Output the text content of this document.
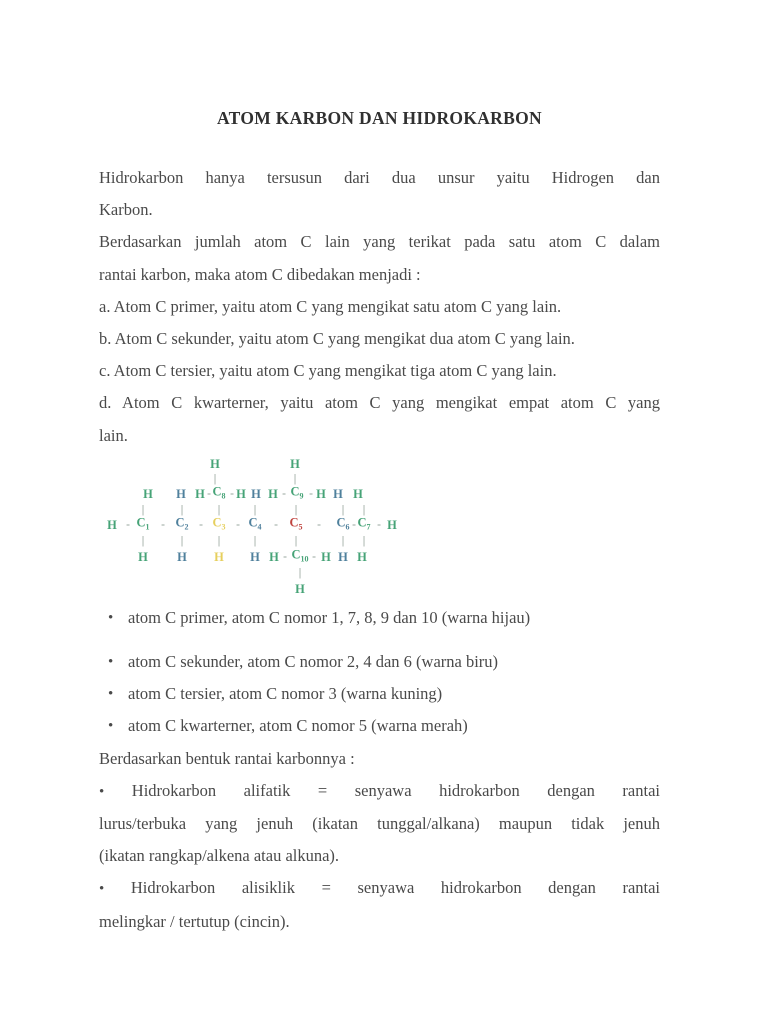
ATOM KARBON DAN HIDROKARBON
Hidrokarbon hanya tersusun dari dua unsur yaitu Hidrogen dan
Karbon.
Berdasarkan jumlah atom C lain yang terikat pada satu atom C dalam
rantai karbon, maka atom C dibedakan menjadi :
a. Atom C primer, yaitu atom C yang mengikat satu atom C yang lain.
b. Atom C sekunder, yaitu atom C yang mengikat dua atom C yang lain.
c. Atom C tersier, yaitu atom C yang mengikat tiga atom C yang lain.
d. Atom C kwarterner, yaitu atom C yang mengikat empat atom C yang
lain.
H	H
H H H $C_8$ H H H $C_9$ H H H
H $C_1$ $C_2$ $C_3$ $C_4$ $C_5$	$C_6$ $C_7$ H
H H H H H $C_{10}$ H H H
H
|	|
- -	- -
|	|	|	|	|	| |
-	-	-	-	-	-	- -
|	|	|	|	|	| |
- -
|
• atom C primer, atom C nomor 1, 7, 8, 9 dan 10 (warna hijau)
• atom C sekunder, atom C nomor 2, 4 dan 6 (warna biru)
• atom C tersier, atom C nomor 3 (warna kuning)
• atom C kwarterner, atom C nomor 5 (warna merah)
Berdasarkan bentuk rantai karbonnya :
• Hidrokarbon alifatik = senyawa hidrokarbon dengan rantai
lurus/terbuka yang jenuh (ikatan tunggal/alkana) maupun tidak jenuh
(ikatan rangkap/alkena atau alkuna).
• Hidrokarbon alisiklik = senyawa hidrokarbon dengan rantai
melingkar / tertutup (cincin).
